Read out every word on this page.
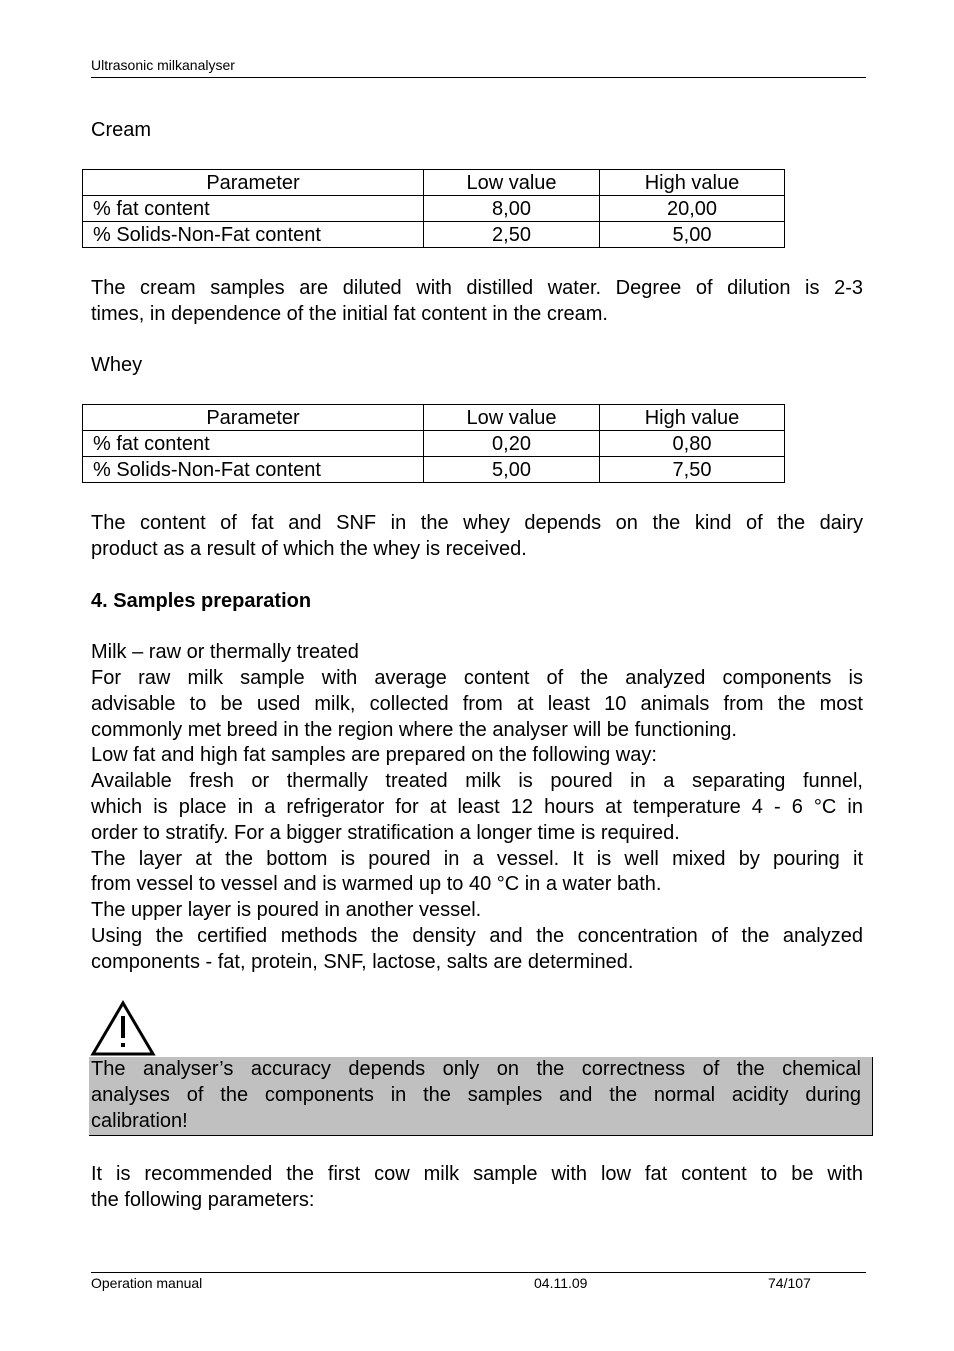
Ultrasonic milkanalyser
Cream
Parameter	Low value	High value
% fat content	8,00	20,00
% Solids-Non-Fat content	2,50	5,00
The cream samples are diluted with distilled water. Degree of dilution is 2-3
times, in dependence of the initial fat content in the cream.
Whey
Parameter	Low value	High value
% fat content	0,20	0,80
% Solids-Non-Fat content	5,00	7,50
The content of fat and SNF in the whey depends on the kind of the dairy
product as a result of which the whey is received.
4. Samples preparation
Milk – raw or thermally treated
For raw milk sample with average content of the analyzed components is
advisable to be used milk, collected from at least 10 animals from the most
commonly met breed in the region where the analyser will be functioning.
Low fat and high fat samples are prepared on the following way:
Available fresh or thermally treated milk is poured in a separating funnel,
which is place in a refrigerator for at least 12 hours at temperature 4 - 6 °C in
order to stratify. For a bigger stratification a longer time is required.
The layer at the bottom is poured in a vessel. It is well mixed by pouring it
from vessel to vessel and is warmed up to 40 °C in a water bath.
The upper layer is poured in another vessel.
Using the certified methods the density and the concentration of the analyzed
components - fat, protein, SNF, lactose, salts are determined.
The analyser’s accuracy depends only on the correctness of the chemical
analyses of the components in the samples and the normal acidity during
calibration!
It is recommended the first cow milk sample with low fat content to be with
the following parameters:
Operation manual	04.11.09	74/107
